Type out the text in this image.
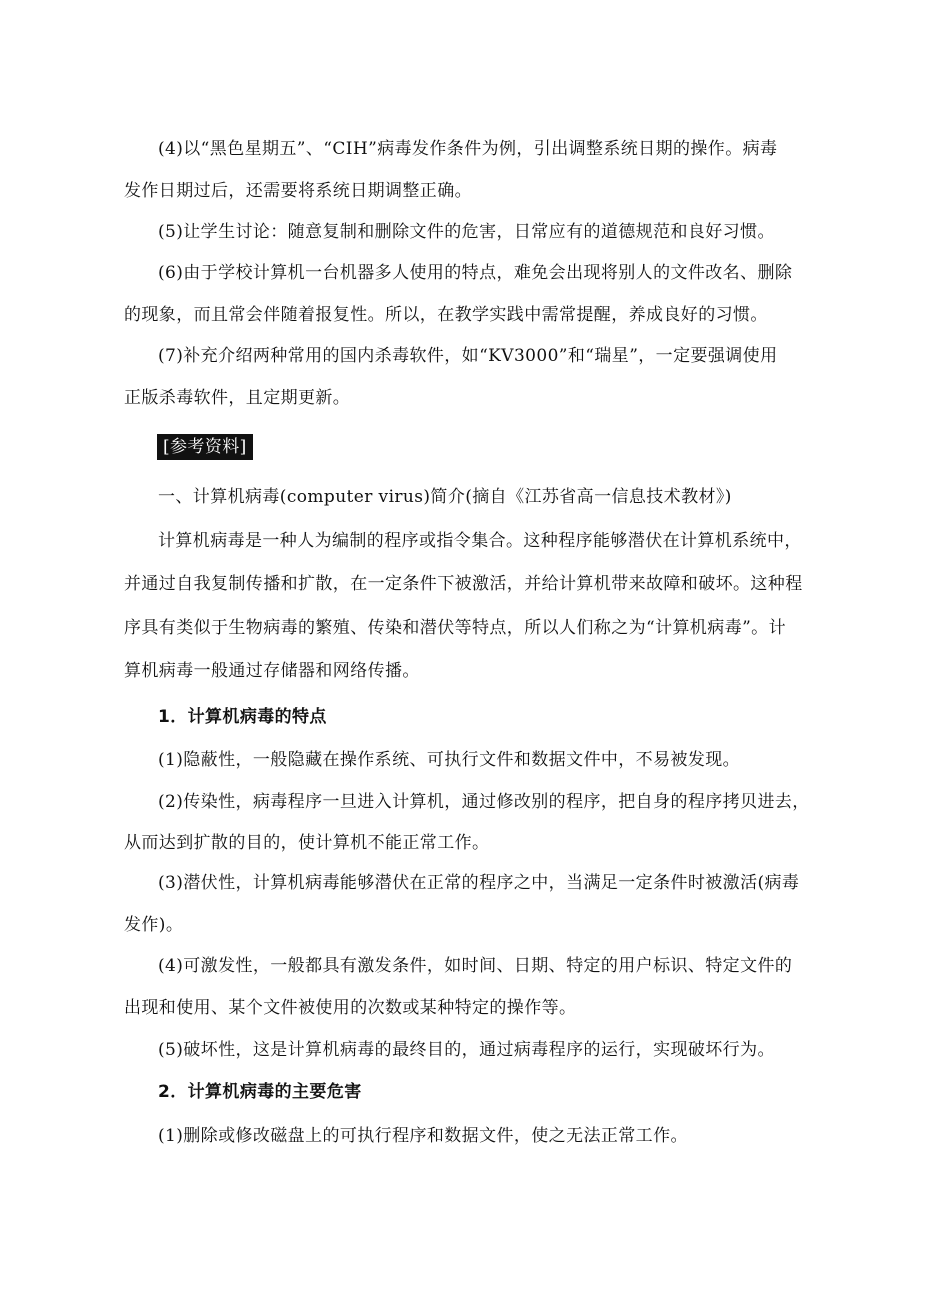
(4)以“黑色星期五”、“CIH”病毒发作条件为例，引出调整系统日期的操作。病毒
发作日期过后，还需要将系统日期调整正确。
(5)让学生讨论：随意复制和删除文件的危害，日常应有的道德规范和良好习惯。
(6)由于学校计算机一台机器多人使用的特点，难免会出现将别人的文件改名、删除
的现象，而且常会伴随着报复性。所以，在教学实践中需常提醒，养成良好的习惯。
(7)补充介绍两种常用的国内杀毒软件，如“KV3000”和“瑞星”，一定要强调使用
正版杀毒软件，且定期更新。
[参考资料]
一、计算机病毒(computer virus)简介(摘自《江苏省高一信息技术教材》)
计算机病毒是一种人为编制的程序或指令集合。这种程序能够潜伏在计算机系统中，
并通过自我复制传播和扩散，在一定条件下被激活，并给计算机带来故障和破坏。这种程
序具有类似于生物病毒的繁殖、传染和潜伏等特点，所以人们称之为“计算机病毒”。计
算机病毒一般通过存储器和网络传播。
1．计算机病毒的特点
(1)隐蔽性，一般隐藏在操作系统、可执行文件和数据文件中，不易被发现。
(2)传染性，病毒程序一旦进入计算机，通过修改别的程序，把自身的程序拷贝进去，
从而达到扩散的目的，使计算机不能正常工作。
(3)潜伏性，计算机病毒能够潜伏在正常的程序之中，当满足一定条件时被激活(病毒
发作)。
(4)可激发性，一般都具有激发条件，如时间、日期、特定的用户标识、特定文件的
出现和使用、某个文件被使用的次数或某种特定的操作等。
(5)破坏性，这是计算机病毒的最终目的，通过病毒程序的运行，实现破坏行为。
2．计算机病毒的主要危害
(1)删除或修改磁盘上的可执行程序和数据文件，使之无法正常工作。
